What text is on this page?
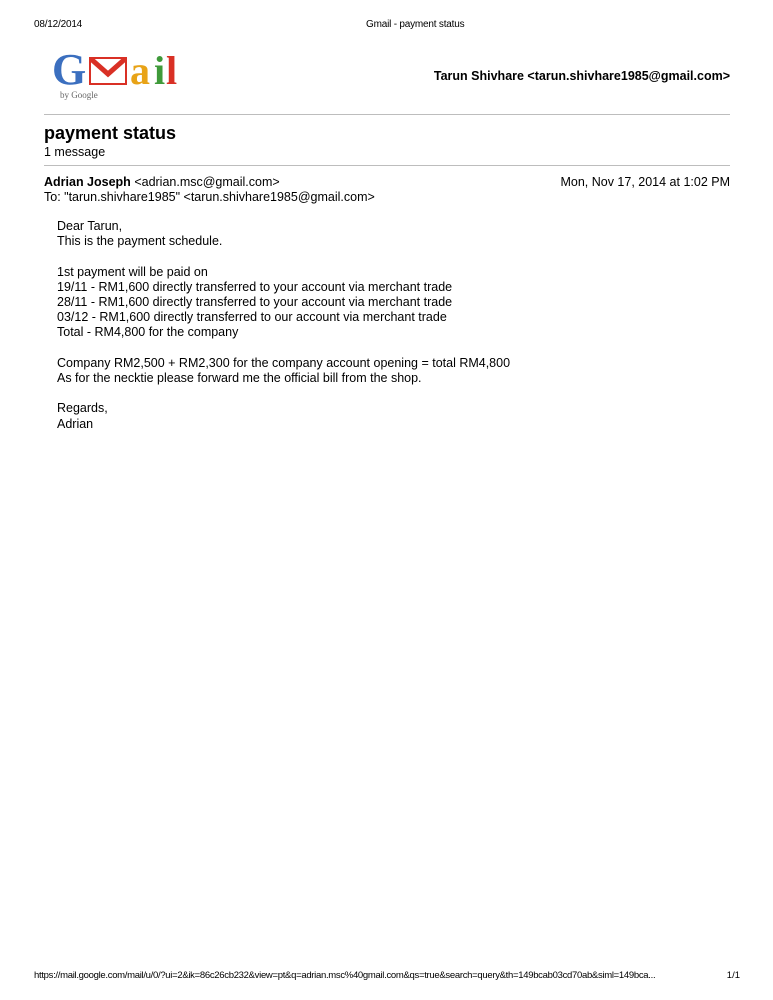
08/12/2014	Gmail - payment status
G a i l
by Google
Tarun Shivhare <tarun.shivhare1985@gmail.com>
payment status
1 message
Adrian Joseph <adrian.msc@gmail.com>	Mon, Nov 17, 2014 at 1:02 PM
To: "tarun.shivhare1985" <tarun.shivhare1985@gmail.com>
Dear Tarun,
This is the payment schedule.
1st payment will be paid on
19/11 - RM1,600 directly transferred to your account via merchant trade
28/11 - RM1,600 directly transferred to your account via merchant trade
03/12 - RM1,600 directly transferred to our account via merchant trade
Total - RM4,800 for the company
Company RM2,500 + RM2,300 for the company account opening = total RM4,800
As for the necktie please forward me the official bill from the shop.
Regards,
Adrian
https://mail.google.com/mail/u/0/?ui=2&ik=86c26cb232&view=pt&q=adrian.msc%40gmail.com&qs=true&search=query&th=149bcab03cd70ab&siml=149bca...	1/1
